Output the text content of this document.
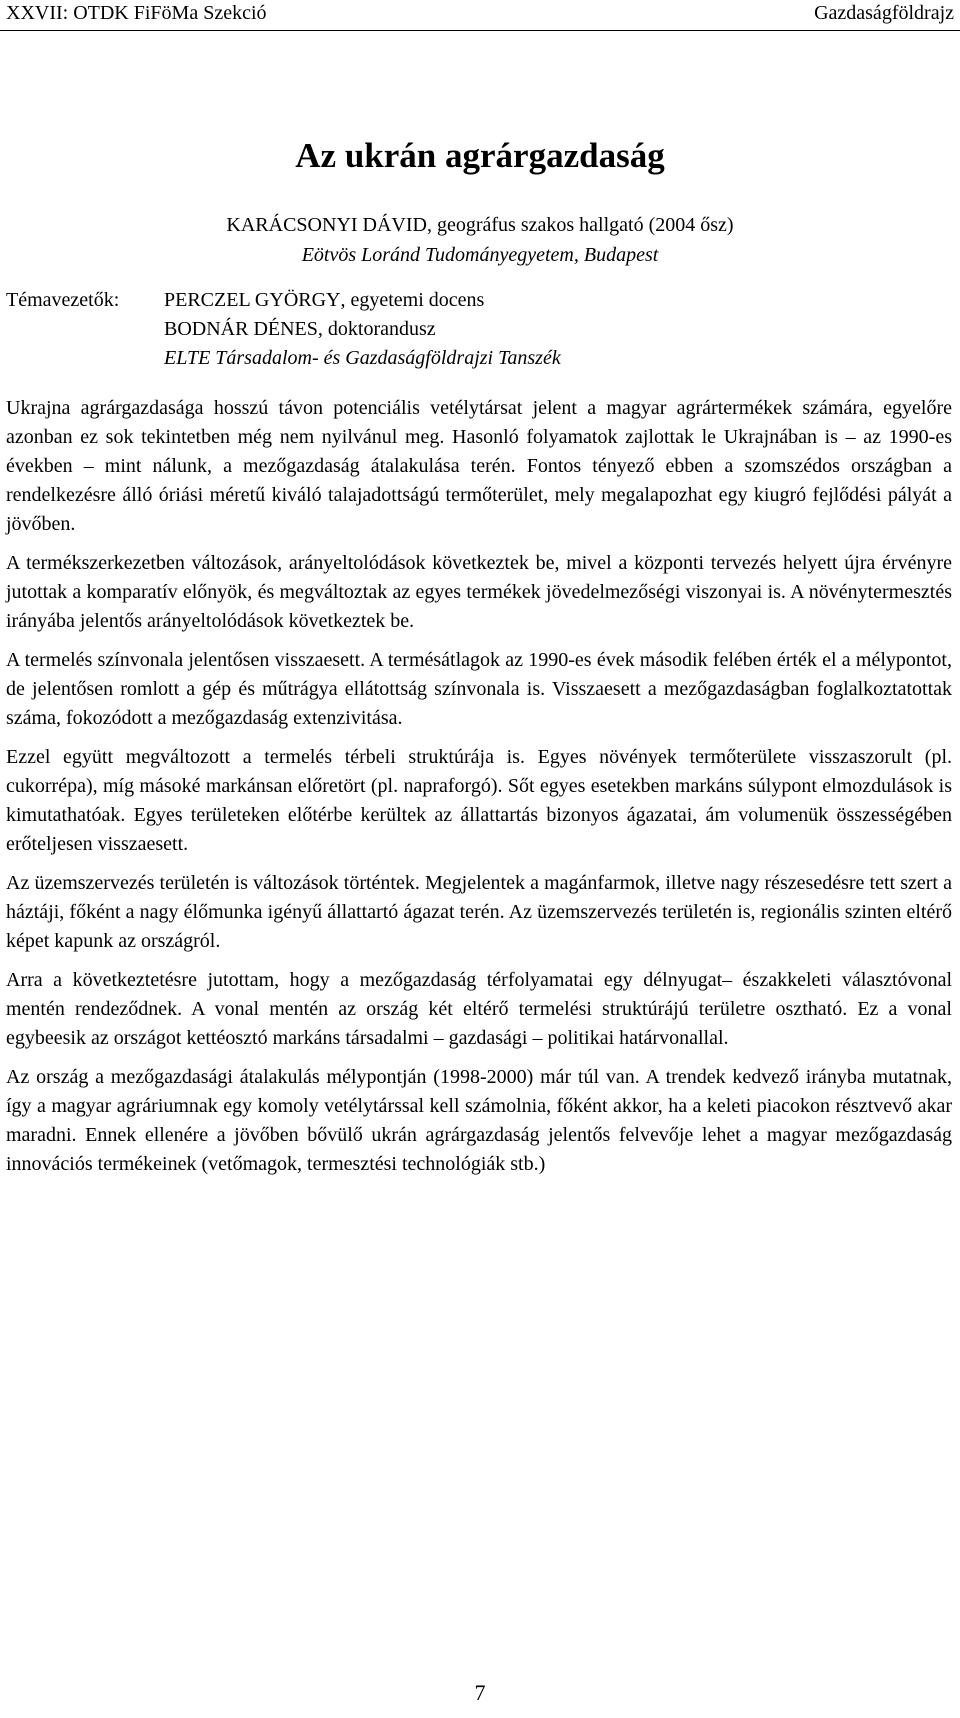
XXVII: OTDK FiFöMa Szekció	Gazdaságföldrajz
Az ukrán agrárgazdaság
KARÁCSONYI DÁVID, geográfus szakos hallgató (2004 ősz)
Eötvös Loránd Tudományegyetem, Budapest
Témavezetők:	PERCZEL GYÖRGY, egyetemi docens
BODNÁR DÉNES, doktorandusz
ELTE Társadalom- és Gazdaságföldrajzi Tanszék

Ukrajna agrárgazdasága hosszú távon potenciális vetélytársat jelent a magyar agrártermékek számára, egyelőre azonban ez sok tekintetben még nem nyilvánul meg. Hasonló folyamatok zajlottak le Ukrajnában is – az 1990-es években – mint nálunk, a mezőgazdaság átalakulása terén. Fontos tényező ebben a szomszédos országban a rendelkezésre álló óriási méretű kiváló talajadottságú termőterület, mely megalapozhat egy kiugró fejlődési pályát a jövőben.

A termékszerkezetben változások, arányeltolódások következtek be, mivel a központi tervezés helyett újra érvényre jutottak a komparatív előnyök, és megváltoztak az egyes termékek jövedelmezőségi viszonyai is. A növénytermesztés irányába jelentős arányeltolódások következtek be.

A termelés színvonala jelentősen visszaesett. A termésátlagok az 1990-es évek második felében érték el a mélypontot, de jelentősen romlott a gép és műtrágya ellátottság színvonala is. Visszaesett a mezőgazdaságban foglalkoztatottak száma, fokozódott a mezőgazdaság extenzivitása.

Ezzel együtt megváltozott a termelés térbeli struktúrája is. Egyes növények termőterülete visszaszorult (pl. cukorrépa), míg másoké markánsan előretört (pl. napraforgó). Sőt egyes esetekben markáns súlypont elmozdulások is kimutathatóak. Egyes területeken előtérbe kerültek az állattartás bizonyos ágazatai, ám volumenük összességében erőteljesen visszaesett.

Az üzemszervezés területén is változások történtek. Megjelentek a magánfarmok, illetve nagy részesedésre tett szert a háztáji, főként a nagy élőmunka igényű állattartó ágazat terén. Az üzemszervezés területén is, regionális szinten eltérő képet kapunk az országról.

Arra a következtetésre jutottam, hogy a mezőgazdaság térfolyamatai egy délnyugat– északkeleti választóvonal mentén rendeződnek. A vonal mentén az ország két eltérő termelési struktúrájú területre osztható. Ez a vonal egybeesik az országot kettéosztó markáns társadalmi – gazdasági – politikai határvonallal.

Az ország a mezőgazdasági átalakulás mélypontján (1998-2000) már túl van. A trendek kedvező irányba mutatnak, így a magyar agráriumnak egy komoly vetélytárssal kell számolnia, főként akkor, ha a keleti piacokon résztvevő akar maradni. Ennek ellenére a jövőben bővülő ukrán agrárgazdaság jelentős felvevője lehet a magyar mezőgazdaság innovációs termékeinek (vetőmagok, termesztési technológiák stb.)

7
